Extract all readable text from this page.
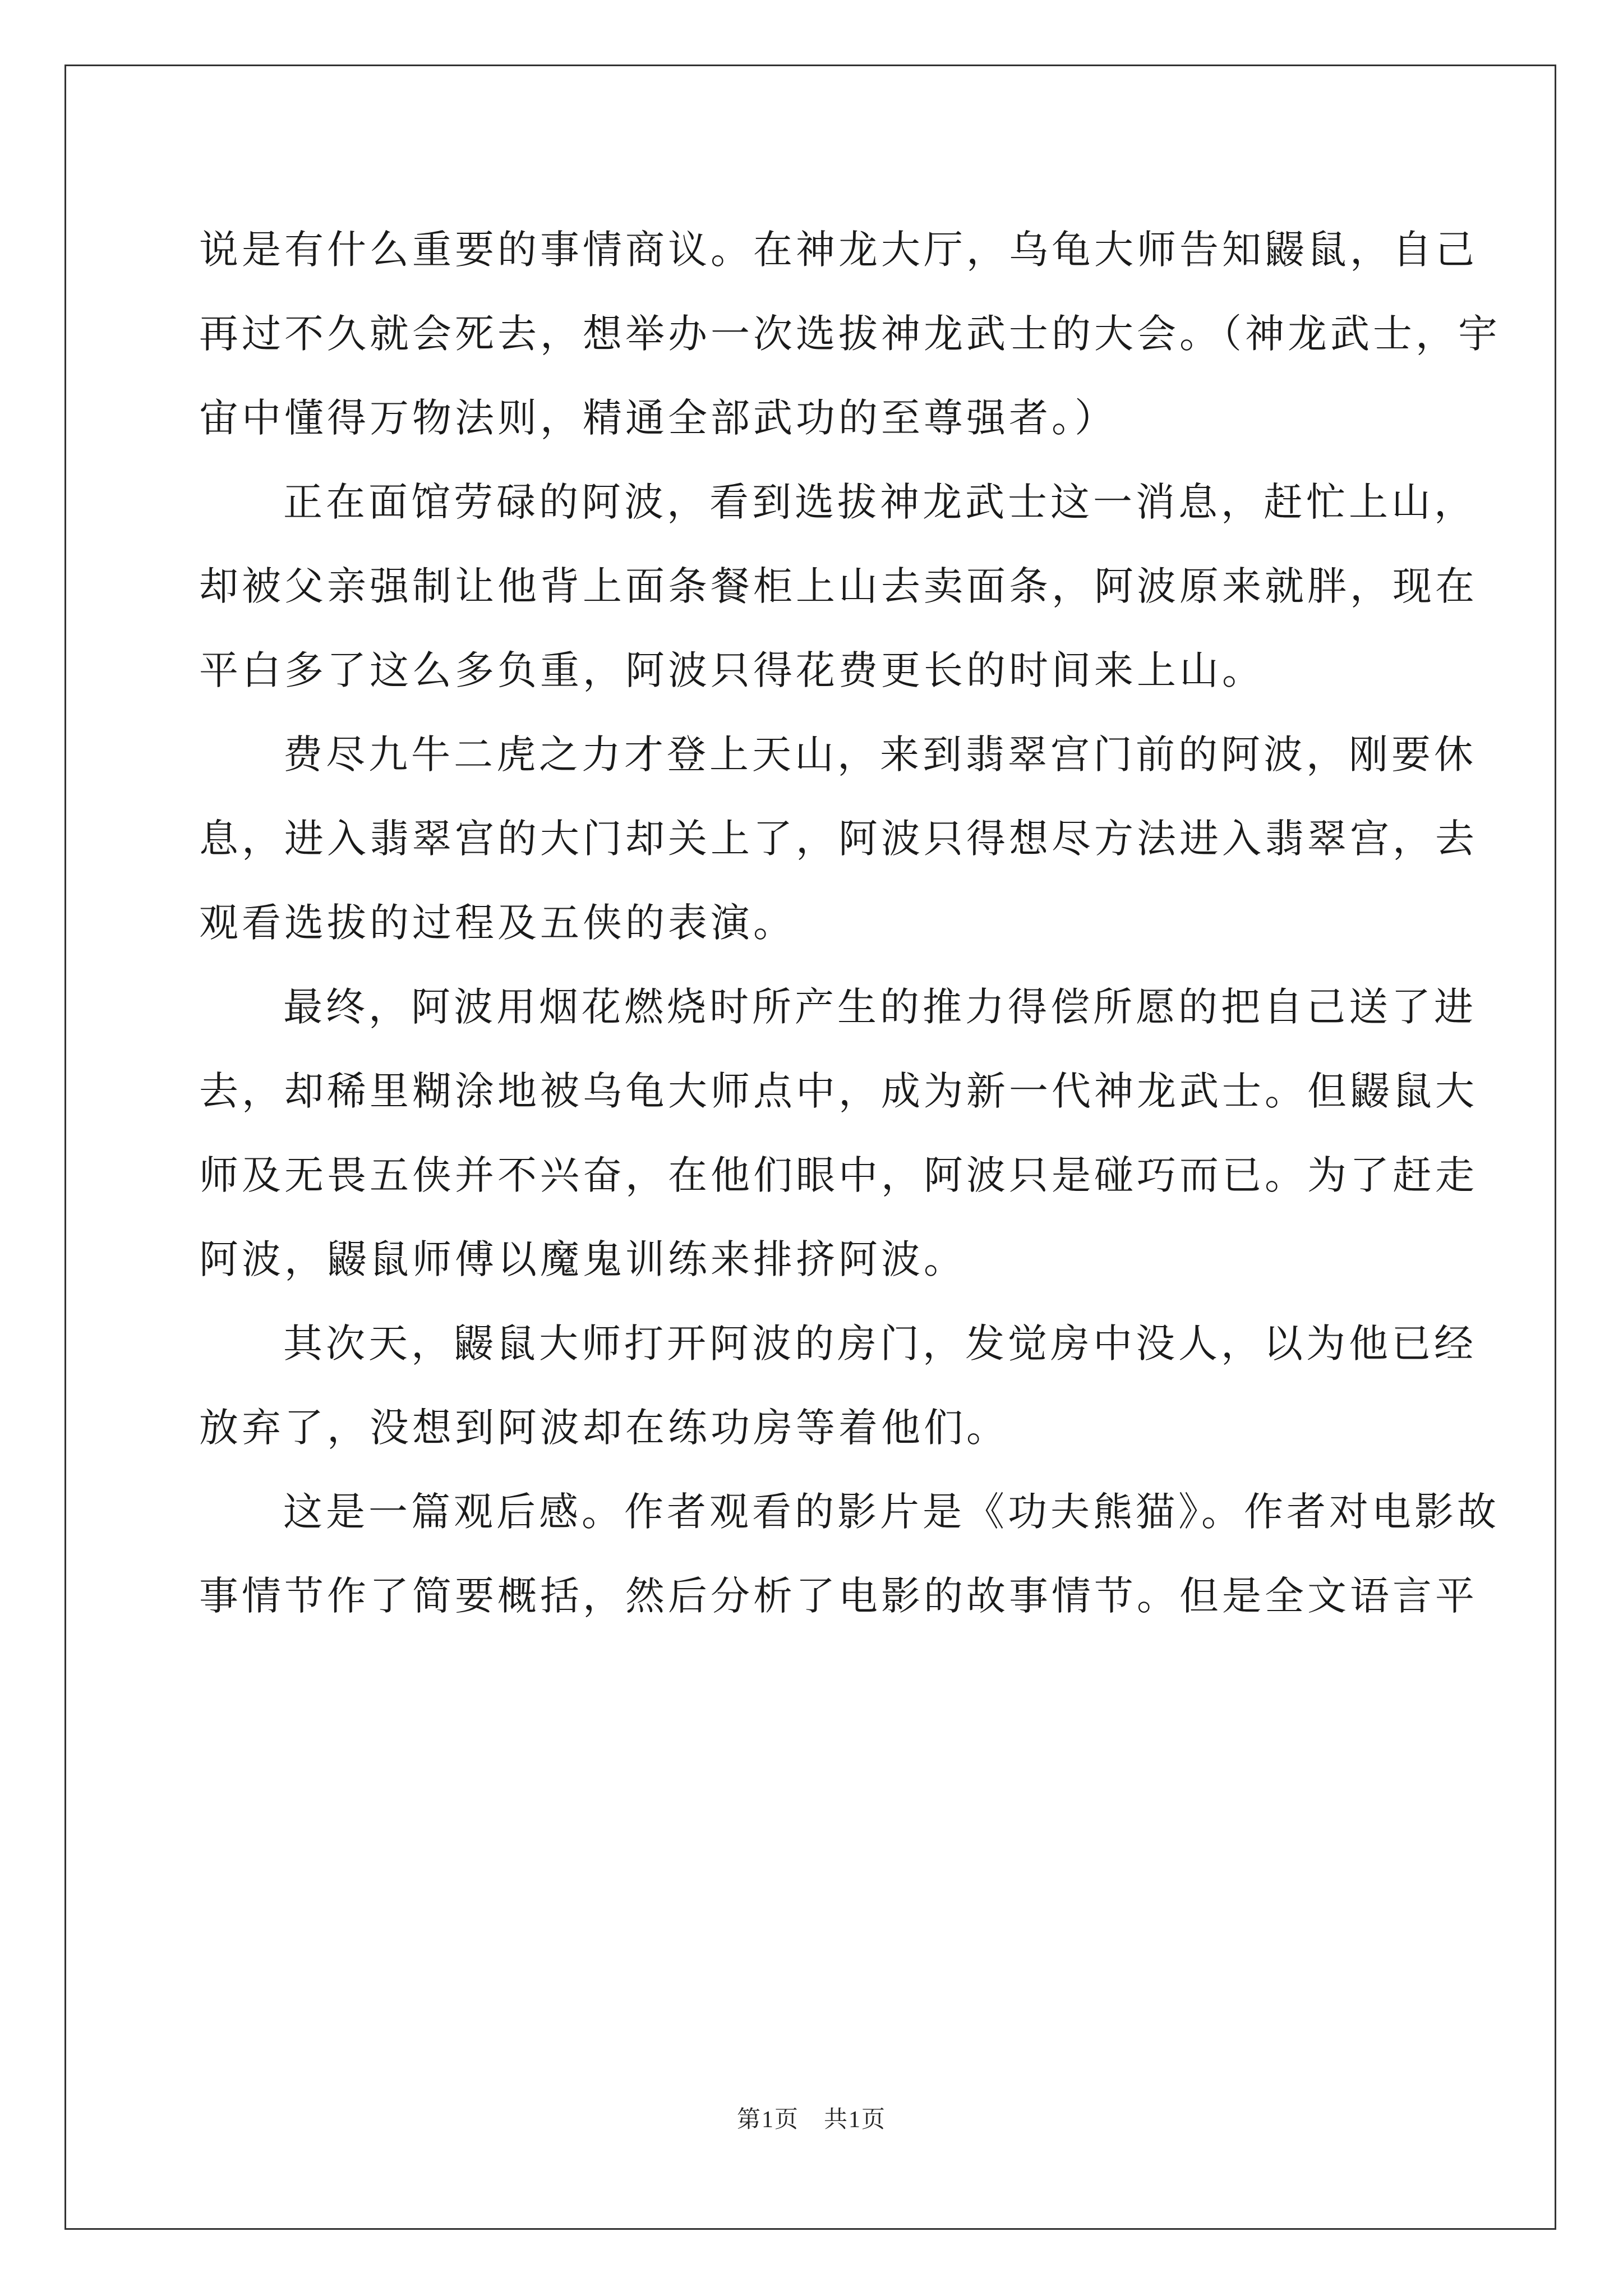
说是有什么重要的事情商议。在神龙大厅，乌龟大师告知鼹鼠，自己
再过不久就会死去，想举办一次选拔神龙武士的大会。（神龙武士，宇
宙中懂得万物法则，精通全部武功的至尊强者。）
正在面馆劳碌的阿波，看到选拔神龙武士这一消息，赶忙上山，
却被父亲强制让他背上面条餐柜上山去卖面条，阿波原来就胖，现在
平白多了这么多负重，阿波只得花费更长的时间来上山。
费尽九牛二虎之力才登上天山，来到翡翠宫门前的阿波，刚要休
息，进入翡翠宫的大门却关上了，阿波只得想尽方法进入翡翠宫，去
观看选拔的过程及五侠的表演。
最终，阿波用烟花燃烧时所产生的推力得偿所愿的把自己送了进
去，却稀里糊涂地被乌龟大师点中，成为新一代神龙武士。但鼹鼠大
师及无畏五侠并不兴奋，在他们眼中，阿波只是碰巧而已。为了赶走
阿波，鼹鼠师傅以魔鬼训练来排挤阿波。
其次天，鼹鼠大师打开阿波的房门，发觉房中没人，以为他已经
放弃了，没想到阿波却在练功房等着他们。
这是一篇观后感。作者观看的影片是《功夫熊猫》。作者对电影故
事情节作了简要概括，然后分析了电影的故事情节。但是全文语言平
第1页　共1页
